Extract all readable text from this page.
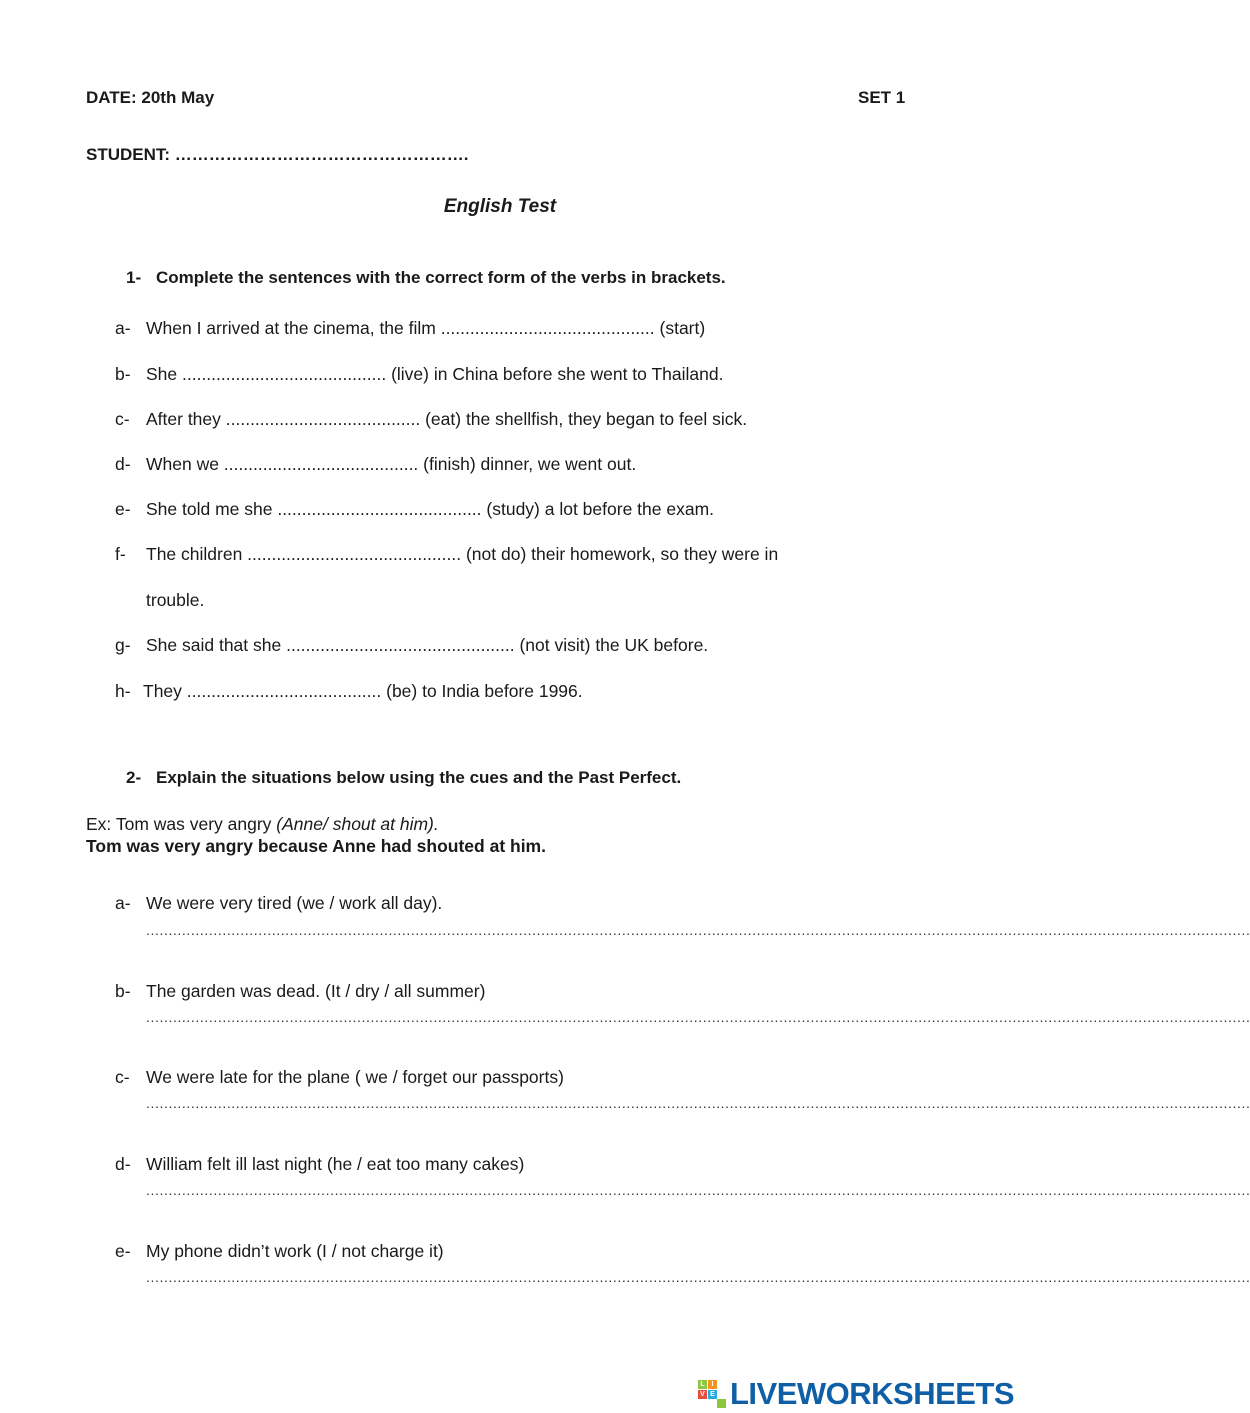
DATE: 20th May	SET 1
STUDENT: …………………………………………….
English Test
1- Complete the sentences with the correct form of the verbs in brackets.
a- When I arrived at the cinema, the film ............................................ (start)
b- She .......................................... (live) in China before she went to Thailand.
c- After they ........................................ (eat) the shellfish, they began to feel sick.
d- When we ........................................ (finish) dinner, we went out.
e- She told me she .......................................... (study) a lot before the exam.
f- The children ............................................ (not do) their homework, so they were in
trouble.
g- She said that she ............................................... (not visit) the UK before.
h- They ........................................ (be) to India before 1996.
2- Explain the situations below using the cues and the Past Perfect.
Ex: Tom was very angry (Anne/ shout at him).
Tom was very angry because Anne had shouted at him.
a- We were very tired (we / work all day).
......................................................................................................................................................................................................................................................
b- The garden was dead. (It / dry / all summer)
......................................................................................................................................................................................................................................................
c- We were late for the plane ( we / forget our passports)
......................................................................................................................................................................................................................................................
d- William felt ill last night (he / eat too many cakes)
......................................................................................................................................................................................................................................................
e- My phone didn’t work (I / not charge it)
......................................................................................................................................................................................................................................................
L I
V E LIVEWORKSHEETS
